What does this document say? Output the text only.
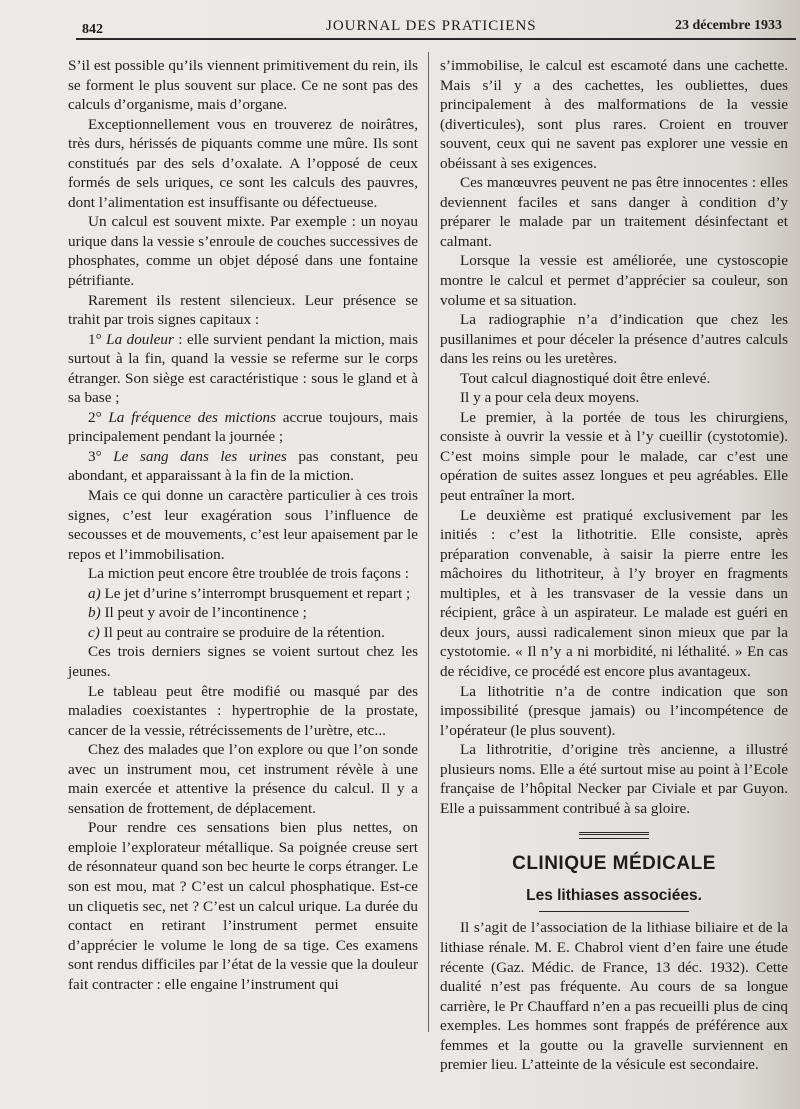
842	JOURNAL DES PRATICIENS	23 décembre 1933

S’il est possible qu’ils viennent primitivement du rein, ils se forment le plus souvent sur place. Ce ne sont pas des calculs d’organisme, mais d’organe.

Exceptionnellement vous en trouverez de noirâtres, très durs, hérissés de piquants comme une mûre. Ils sont constitués par des sels d’oxalate. A l’opposé de ceux formés de sels uriques, ce sont les calculs des pauvres, dont l’alimentation est insuffisante ou défectueuse.

Un calcul est souvent mixte. Par exemple : un noyau urique dans la vessie s’enroule de couches successives de phosphates, comme un objet déposé dans une fontaine pétrifiante.

Rarement ils restent silencieux. Leur présence se trahit par trois signes capitaux :

1° La douleur : elle survient pendant la miction, mais surtout à la fin, quand la vessie se referme sur le corps étranger. Son siège est caractéristique : sous le gland et à sa base ;

2° La fréquence des mictions accrue toujours, mais principalement pendant la journée ;

3° Le sang dans les urines pas constant, peu abondant, et apparaissant à la fin de la miction.

Mais ce qui donne un caractère particulier à ces trois signes, c’est leur exagération sous l’influence de secousses et de mouvements, c’est leur apaisement par le repos et l’immobilisation.

La miction peut encore être troublée de trois façons :

a) Le jet d’urine s’interrompt brusquement et repart ;

b) Il peut y avoir de l’incontinence ;

c) Il peut au contraire se produire de la rétention.

Ces trois derniers signes se voient surtout chez les jeunes.

Le tableau peut être modifié ou masqué par des maladies coexistantes : hypertrophie de la prostate, cancer de la vessie, rétrécissements de l’urètre, etc...

Chez des malades que l’on explore ou que l’on sonde avec un instrument mou, cet instrument révèle à une main exercée et attentive la présence du calcul. Il y a sensation de frottement, de déplacement.

Pour rendre ces sensations bien plus nettes, on emploie l’explorateur métallique. Sa poignée creuse sert de résonnateur quand son bec heurte le corps étranger. Le son est mou, mat ? C’est un calcul phosphatique. Est-ce un cliquetis sec, net ? C’est un calcul urique. La durée du contact en retirant l’instrument permet ensuite d’apprécier le volume le long de sa tige. Ces examens sont rendus difficiles par l’état de la vessie que la douleur fait contracter : elle engaine l’instrument qui

s’immobilise, le calcul est escamoté dans une cachette. Mais s’il y a des cachettes, les oubliettes, dues principalement à des malformations de la vessie (diverticules), sont plus rares. Croient en trouver souvent, ceux qui ne savent pas explorer une vessie en obéissant à ses exigences.

Ces manœuvres peuvent ne pas être innocentes : elles deviennent faciles et sans danger à condition d’y préparer le malade par un traitement désinfectant et calmant.

Lorsque la vessie est améliorée, une cystoscopie montre le calcul et permet d’apprécier sa couleur, son volume et sa situation.

La radiographie n’a d’indication que chez les pusillanimes et pour déceler la présence d’autres calculs dans les reins ou les uretères.

Tout calcul diagnostiqué doit être enlevé.

Il y a pour cela deux moyens.

Le premier, à la portée de tous les chirurgiens, consiste à ouvrir la vessie et à l’y cueillir (cystotomie). C’est moins simple pour le malade, car c’est une opération de suites assez longues et peu agréables. Elle peut entraîner la mort.

Le deuxième est pratiqué exclusivement par les initiés : c’est la lithotritie. Elle consiste, après préparation convenable, à saisir la pierre entre les mâchoires du lithotriteur, à l’y broyer en fragments multiples, et à les transvaser de la vessie dans un récipient, grâce à un aspirateur. Le malade est guéri en deux jours, aussi radicalement sinon mieux que par la cystotomie. « Il n’y a ni morbidité, ni léthalité. » En cas de récidive, ce procédé est encore plus avantageux.

La lithotritie n’a de contre indication que son impossibilité (presque jamais) ou l’incompétence de l’opérateur (le plus souvent).

La lithrotritie, d’origine très ancienne, a illustré plusieurs noms. Elle a été surtout mise au point à l’Ecole française de l’hôpital Necker par Civiale et par Guyon. Elle a puissamment contribué à sa gloire.

CLINIQUE MÉDICALE
Les lithiases associées.

Il s’agit de l’association de la lithiase biliaire et de la lithiase rénale. M. E. Chabrol vient d’en faire une étude récente (Gaz. Médic. de France, 13 déc. 1932). Cette dualité n’est pas fréquente. Au cours de sa longue carrière, le Pr Chauffard n’en a pas recueilli plus de cinq exemples. Les hommes sont frappés de préférence aux femmes et la goutte ou la gravelle surviennent en premier lieu. L’atteinte de la vésicule est secondaire.
